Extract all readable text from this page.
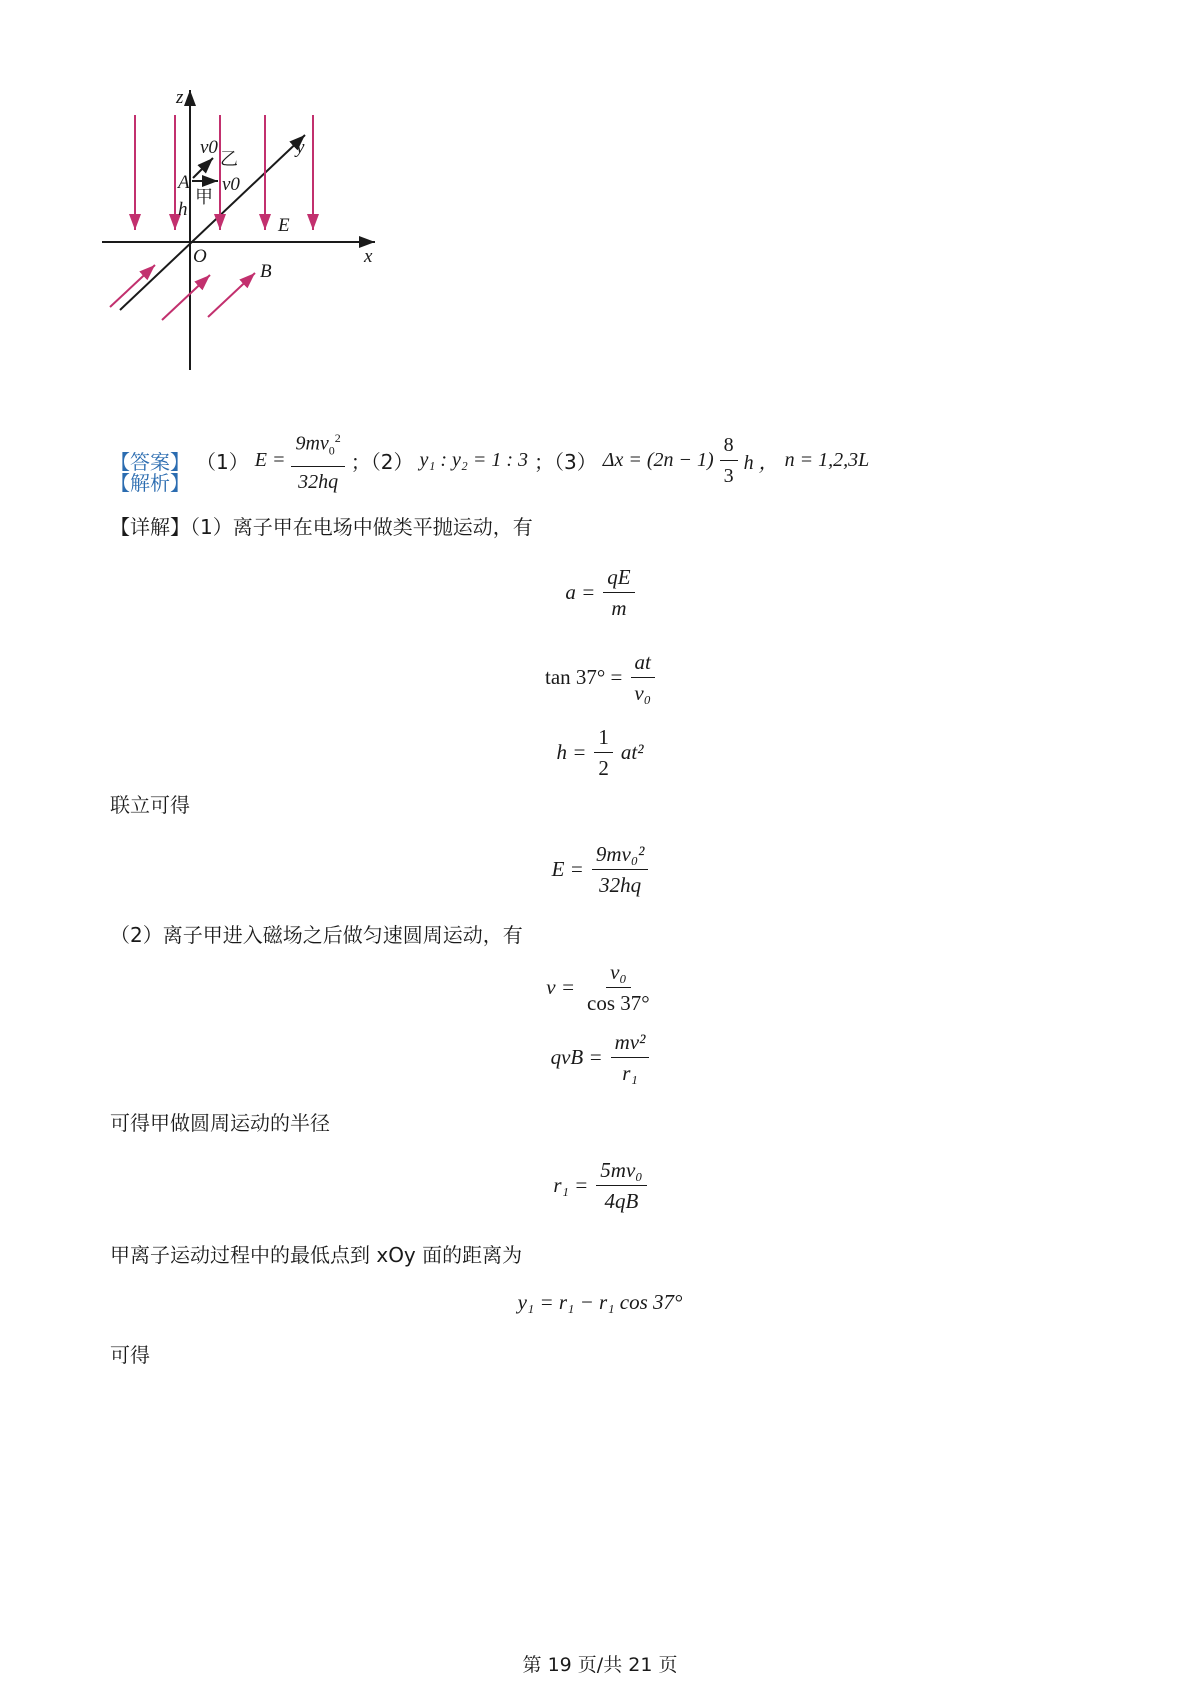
z
y
x
O
A
h
E
B
v0
v0
乙
甲
【答案】 （1） $E = \frac{9mv_0^2}{32hq}$ ；（2） y₁ : y₂ = 1 : 3 ；（3） $\Delta x = (2n - 1) \frac{8}{3}$ h ， n = 1,2,3L
【解析】
【详解】（1）离子甲在电场中做类平抛运动，有
$a = \frac{qE}{m}$
$\tan 37^\circ = \frac{at}{\text{v₀}}$
$h = \frac{1}{2} at^2$
联立可得
$E = \frac{\text{9mv₀²}}{32hq}$
（2）离子甲进入磁场之后做匀速圆周运动，有
$v = \frac{\text{v₀}}{\cos 37^\circ}$
qvB = $\frac{\text{mv²}}{\text{r₁}}$
可得甲做圆周运动的半径
$r_1 = \frac{\text{5mv₀}}{4qB}$
甲离子运动过程中的最低点到 xOy 面的距离为
y₁ = r₁ − r₁ cos 37°
可得
第 19 页/共 21 页
